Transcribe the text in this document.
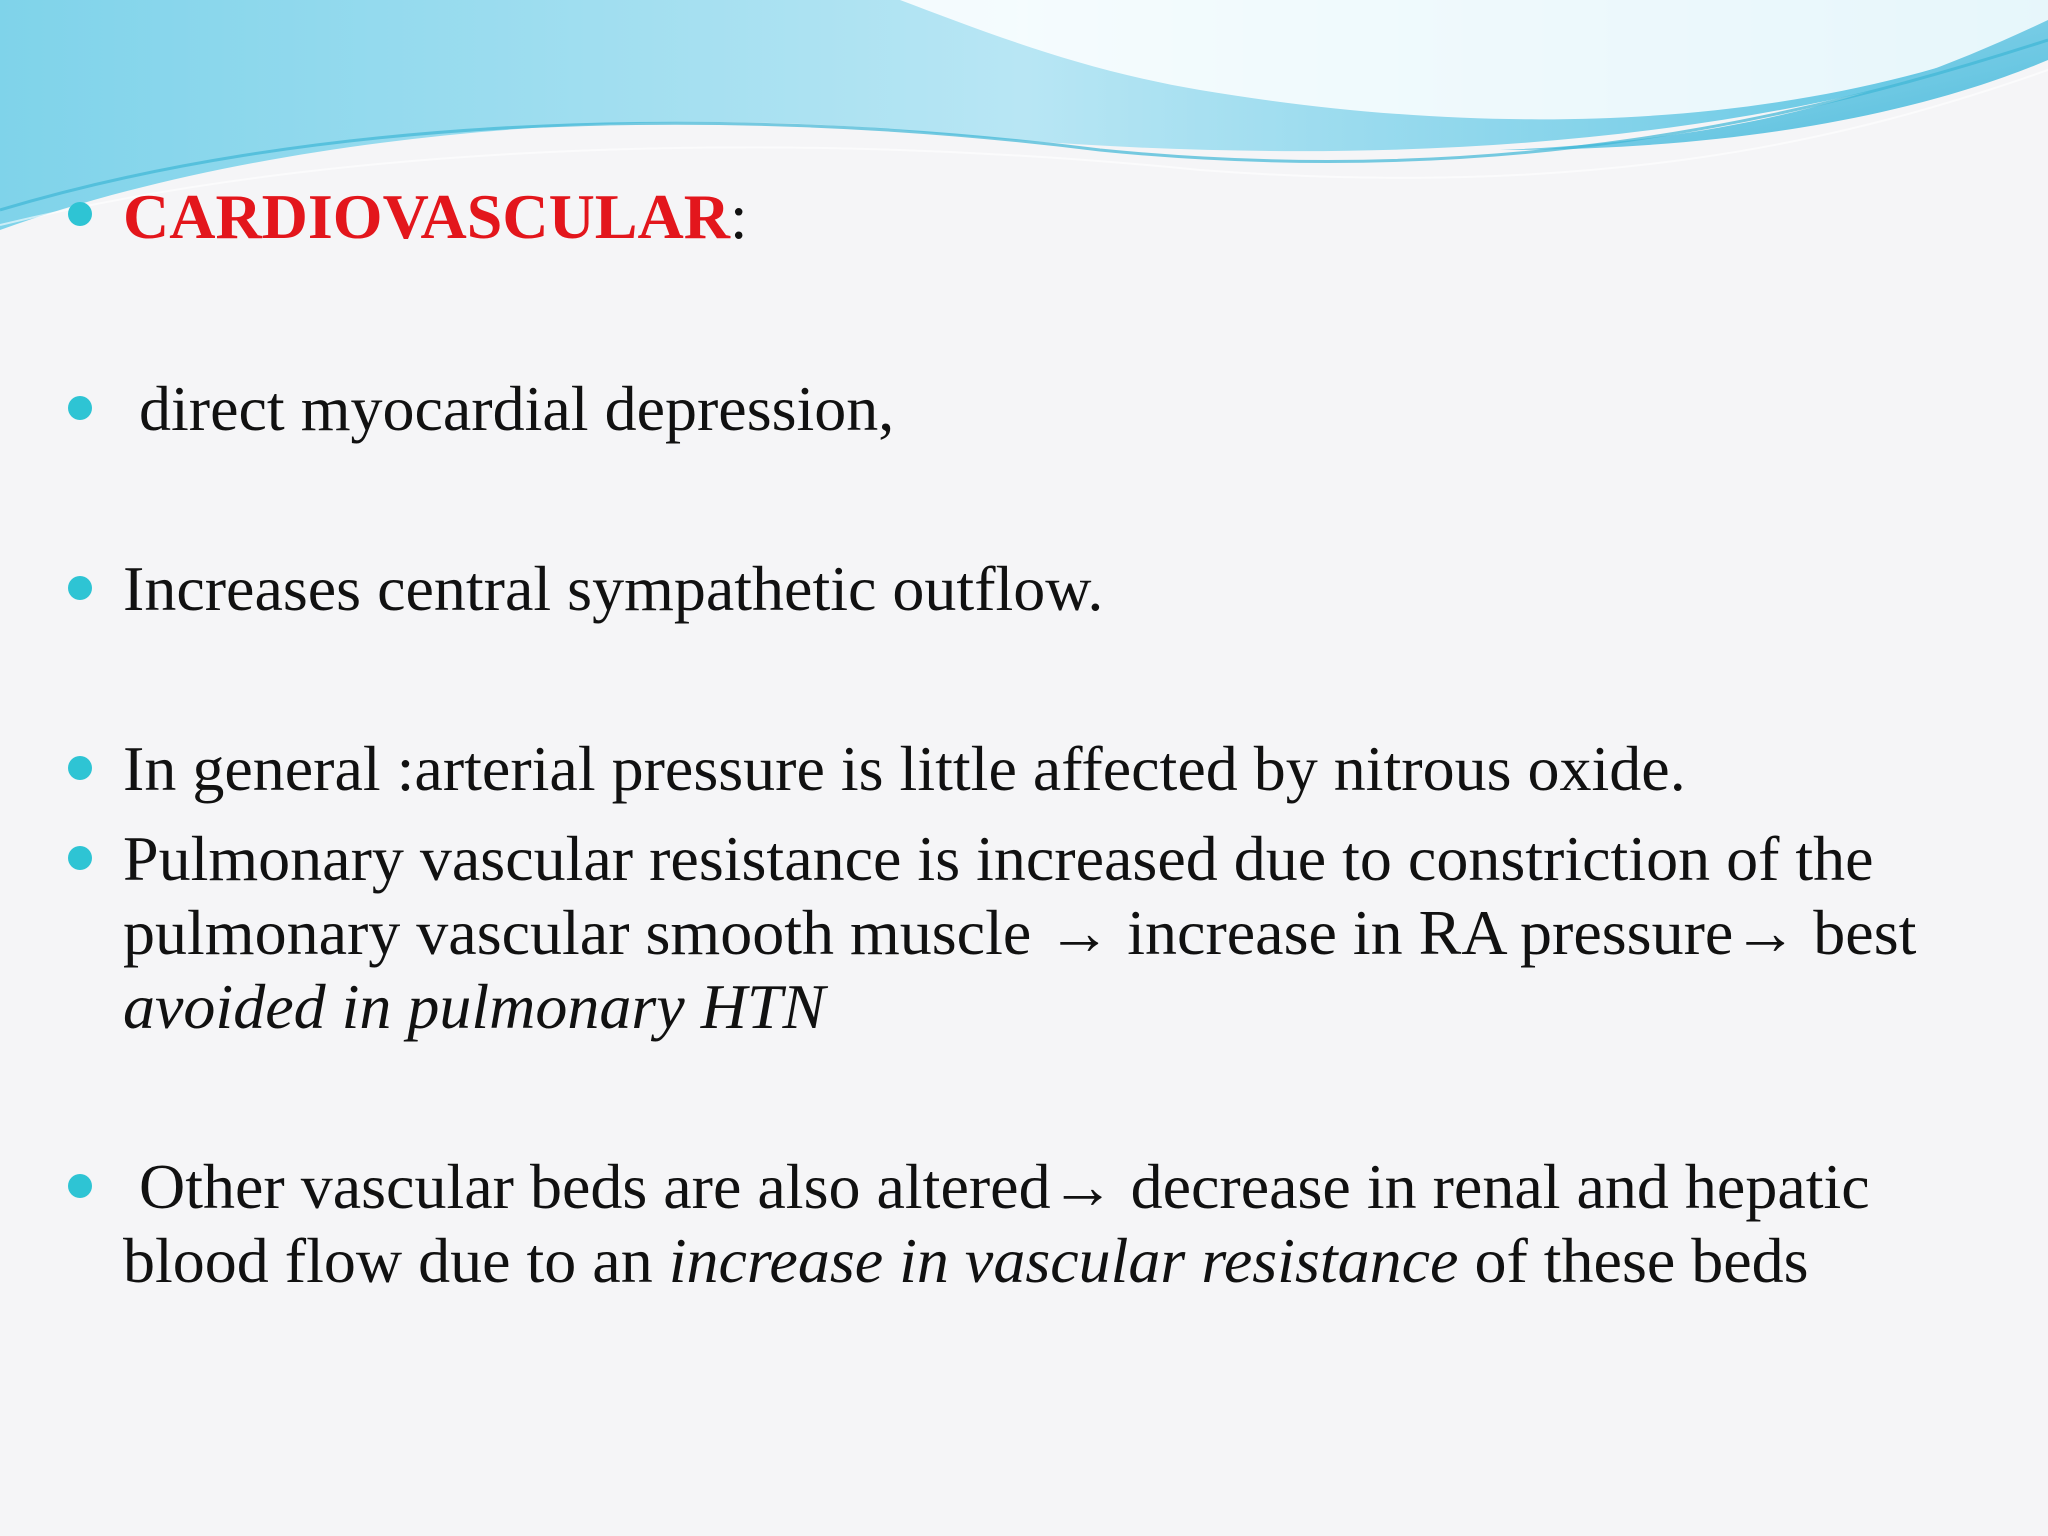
CARDIOVASCULAR:
direct myocardial depression,
Increases central sympathetic outflow.
In general :arterial pressure is little affected by nitrous oxide.
Pulmonary vascular resistance is increased due to constriction of the pulmonary vascular smooth muscle → increase in RA pressure→ best avoided in pulmonary HTN
Other vascular beds are also altered→ decrease in renal and hepatic blood flow due to an increase in vascular resistance of these beds
